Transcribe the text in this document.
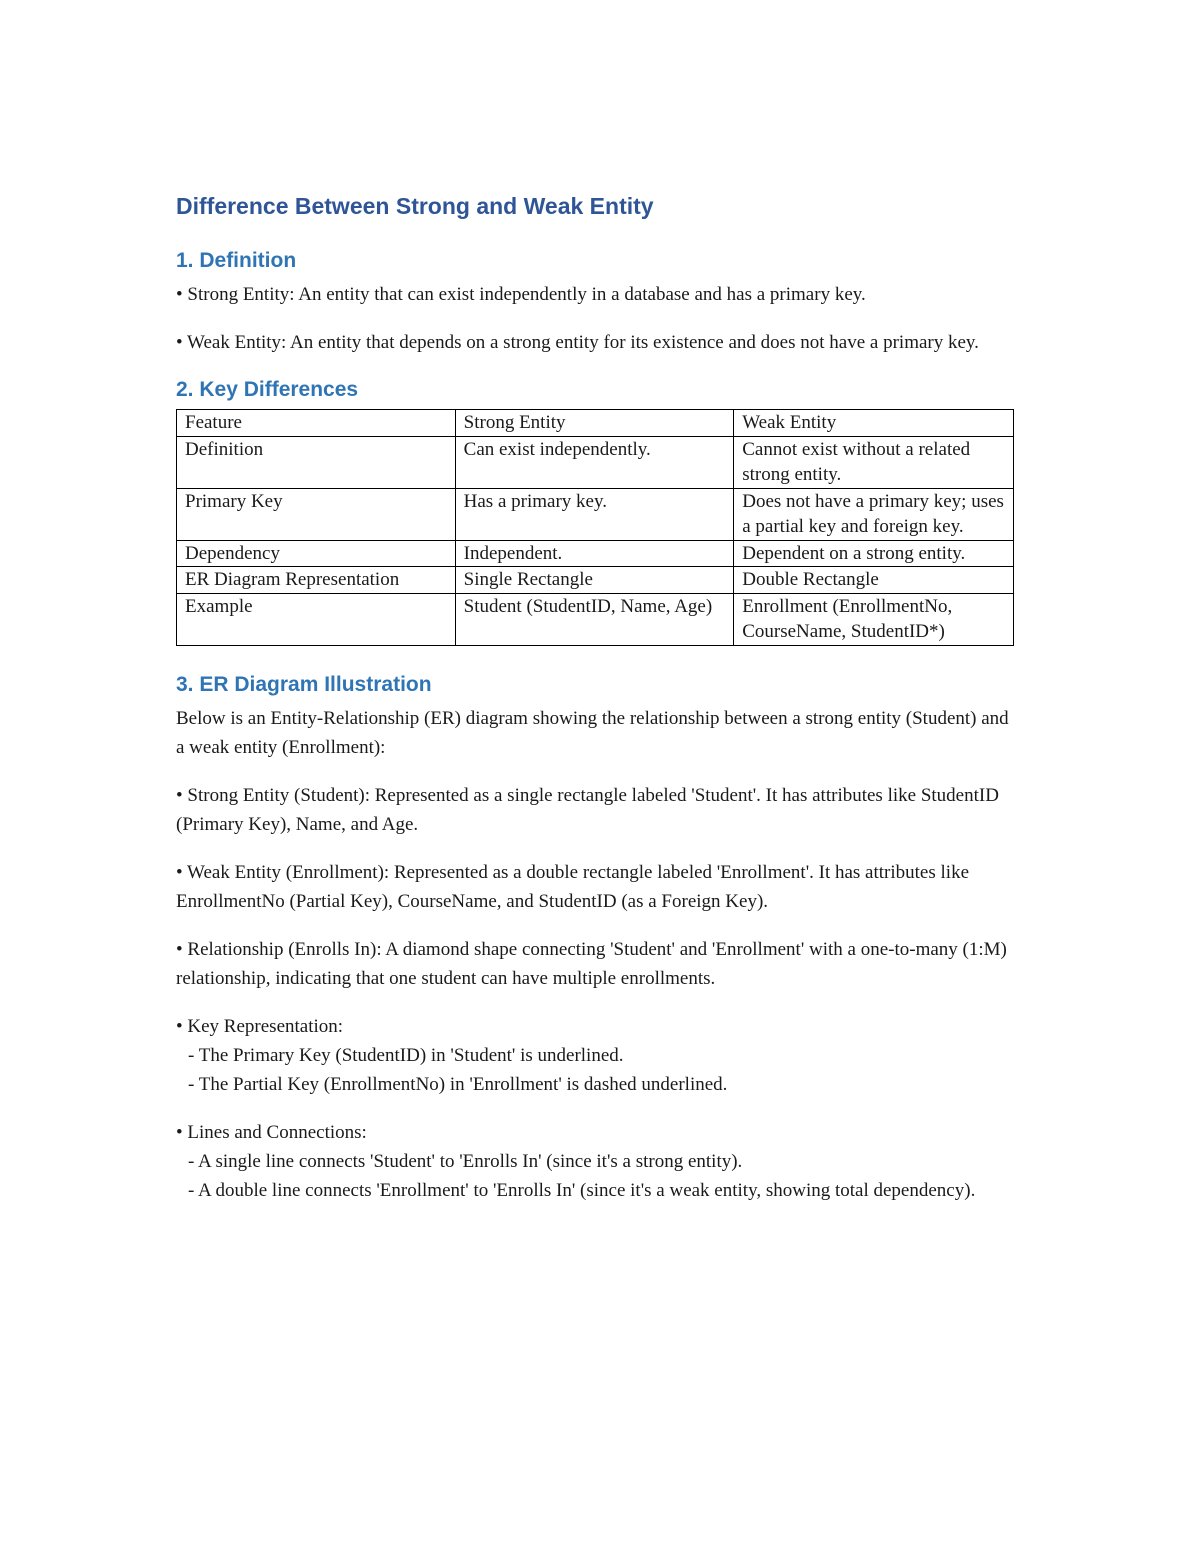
Difference Between Strong and Weak Entity
1. Definition

• Strong Entity: An entity that can exist independently in a database and has a primary key.

• Weak Entity: An entity that depends on a strong entity for its existence and does not have a primary key.

2. Key Differences
Feature	Strong Entity	Weak Entity
Definition	Can exist independently.	Cannot exist without a related strong entity.
Primary Key	Has a primary key.	Does not have a primary key; uses a partial key and foreign key.
Dependency	Independent.	Dependent on a strong entity.
ER Diagram Representation	Single Rectangle	Double Rectangle
Example	Student (StudentID, Name, Age)	Enrollment (EnrollmentNo, CourseName, StudentID*)
3. ER Diagram Illustration

Below is an Entity-Relationship (ER) diagram showing the relationship between a strong entity (Student) and a weak entity (Enrollment):

• Strong Entity (Student): Represented as a single rectangle labeled 'Student'. It has attributes like StudentID (Primary Key), Name, and Age.

• Weak Entity (Enrollment): Represented as a double rectangle labeled 'Enrollment'. It has attributes like EnrollmentNo (Partial Key), CourseName, and StudentID (as a Foreign Key).

• Relationship (Enrolls In): A diamond shape connecting 'Student' and 'Enrollment' with a one-to-many (1:M) relationship, indicating that one student can have multiple enrollments.

• Key Representation:

- The Primary Key (StudentID) in 'Student' is underlined.

- The Partial Key (EnrollmentNo) in 'Enrollment' is dashed underlined.

• Lines and Connections:

- A single line connects 'Student' to 'Enrolls In' (since it's a strong entity).

- A double line connects 'Enrollment' to 'Enrolls In' (since it's a weak entity, showing total dependency).
